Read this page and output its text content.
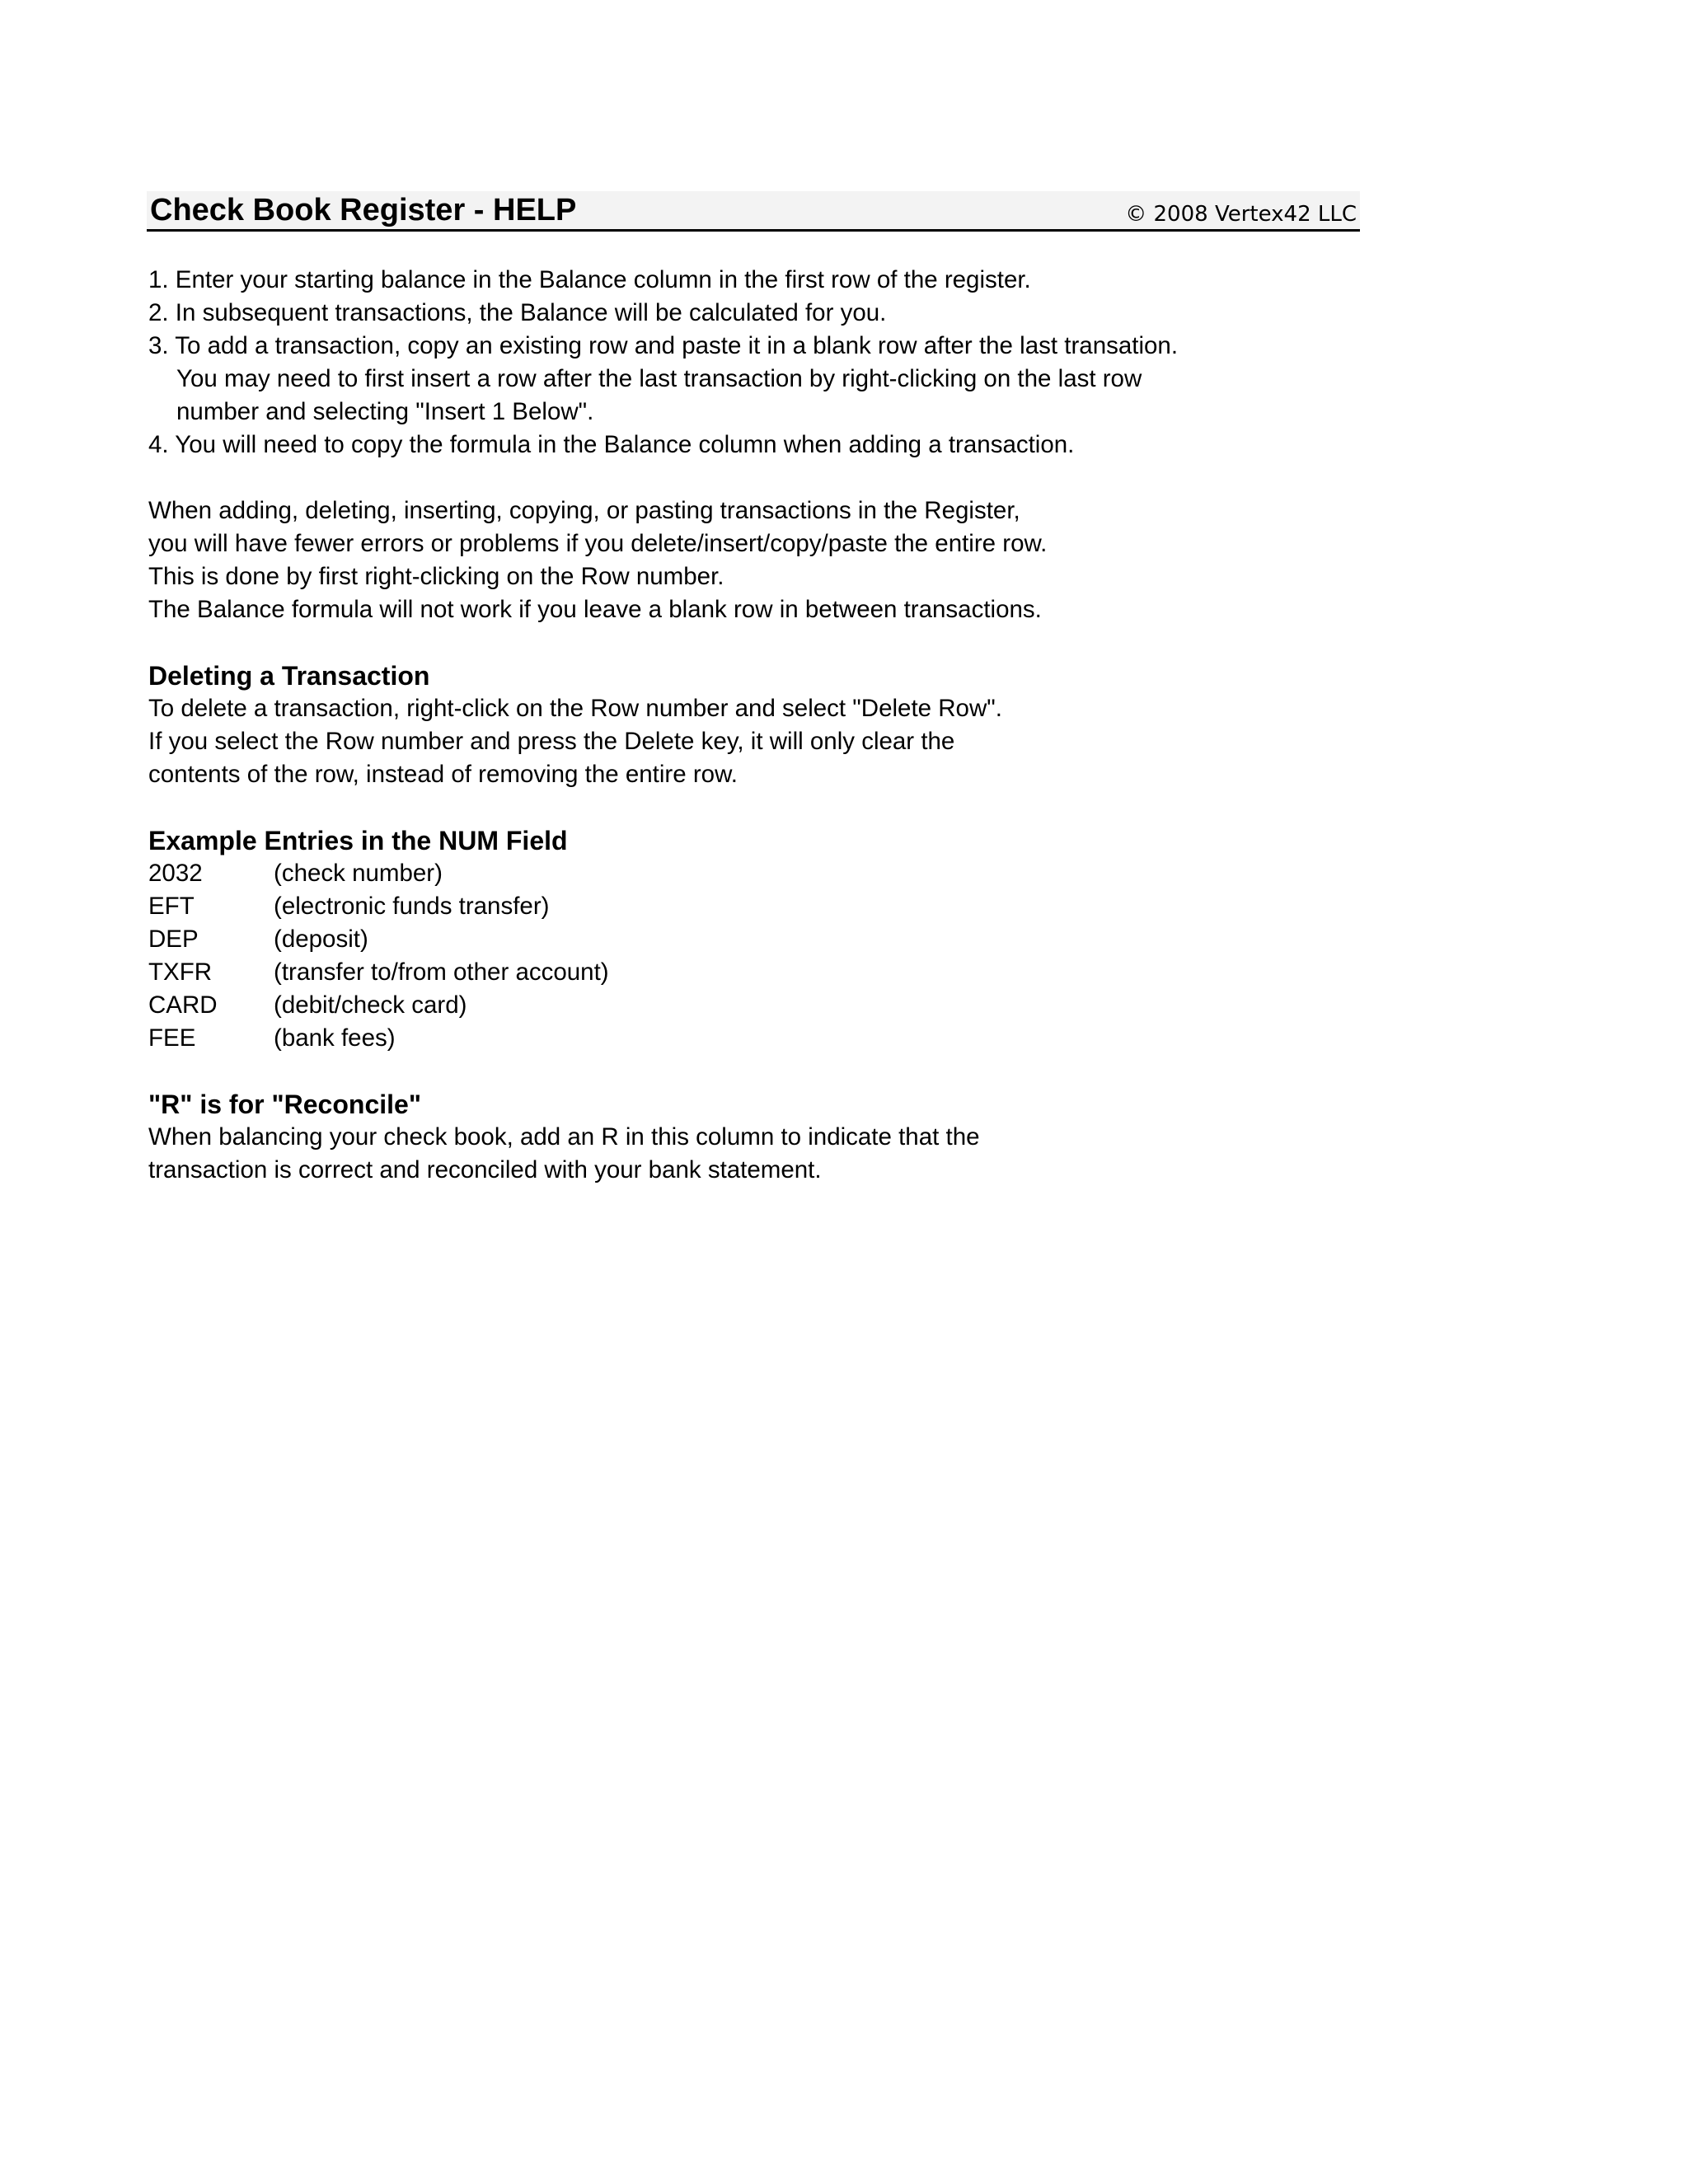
Check Book Register - HELP	© 2008 Vertex42 LLC
1. Enter your starting balance in the Balance column in the first row of the register.
2. In subsequent transactions, the Balance will be calculated for you.
3. To add a transaction, copy an existing row and paste it in a blank row after the last transation.
You may need to first insert a row after the last transaction by right-clicking on the last row
number and selecting "Insert 1 Below".
4. You will need to copy the formula in the Balance column when adding a transaction.
When adding, deleting, inserting, copying, or pasting transactions in the Register,
you will have fewer errors or problems if you delete/insert/copy/paste the entire row.
This is done by first right-clicking on the Row number.
The Balance formula will not work if you leave a blank row in between transactions.
Deleting a Transaction
To delete a transaction, right-click on the Row number and select "Delete Row".
If you select the Row number and press the Delete key, it will only clear the
contents of the row, instead of removing the entire row.
Example Entries in the NUM Field
2032	(check number)
EFT	(electronic funds transfer)
DEP	(deposit)
TXFR	(transfer to/from other account)
CARD	(debit/check card)
FEE	(bank fees)
"R" is for "Reconcile"
When balancing your check book, add an R in this column to indicate that the
transaction is correct and reconciled with your bank statement.
